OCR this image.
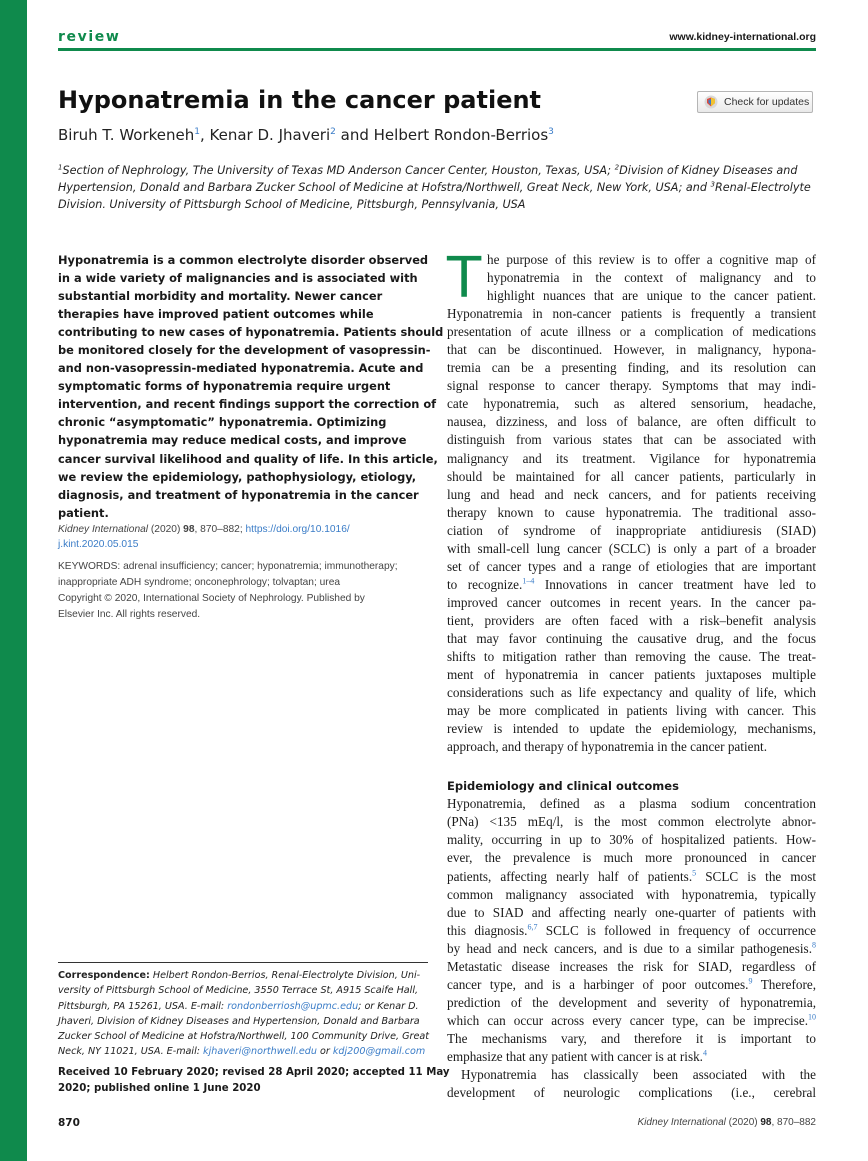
review	www.kidney-international.org
Hyponatremia in the cancer patient	Check for updates
Biruh T. Workeneh$^1$, Kenar D. Jhaveri$^2$ and Helbert Rondon-Berrios$^3$
$^1$Section of Nephrology, The University of Texas MD Anderson Cancer Center, Houston, Texas, USA; $^2$Division of Kidney Diseases and
Hypertension, Donald and Barbara Zucker School of Medicine at Hofstra/Northwell, Great Neck, New York, USA; and $^3$Renal-Electrolyte
Division. University of Pittsburgh School of Medicine, Pittsburgh, Pennsylvania, USA
Hyponatremia is a common electrolyte disorder observed
in a wide variety of malignancies and is associated with
substantial morbidity and mortality. Newer cancer
therapies have improved patient outcomes while
contributing to new cases of hyponatremia. Patients should
be monitored closely for the development of vasopressin-
and non-vasopressin-mediated hyponatremia. Acute and
symptomatic forms of hyponatremia require urgent
intervention, and recent findings support the correction of
chronic “asymptomatic” hyponatremia. Optimizing
hyponatremia may reduce medical costs, and improve
cancer survival likelihood and quality of life. In this article,
we review the epidemiology, pathophysiology, etiology,
diagnosis, and treatment of hyponatremia in the cancer
patient.
Kidney International (2020) 98, 870–882; https://doi.org/10.1016/
j.kint.2020.05.015
KEYWORDS: adrenal insufficiency; cancer; hyponatremia; immunotherapy;
inappropriate ADH syndrome; onconephrology; tolvaptan; urea
Copyright © 2020, International Society of Nephrology. Published by
Elsevier Inc. All rights reserved.
Correspondence: Helbert Rondon-Berrios, Renal-Electrolyte Division, Uni-
versity of Pittsburgh School of Medicine, 3550 Terrace St, A915 Scaife Hall,
Pittsburgh, PA 15261, USA. E-mail: rondonberriosh@upmc.edu; or Kenar D.
Jhaveri, Division of Kidney Diseases and Hypertension, Donald and Barbara
Zucker School of Medicine at Hofstra/Northwell, 100 Community Drive, Great
Neck, NY 11021, USA. E-mail: kjhaveri@northwell.edu or kdj200@gmail.com
Received 10 February 2020; revised 28 April 2020; accepted 11 May
2020; published online 1 June 2020
T he purpose of this review is to offer a cognitive map of
hyponatremia in the context of malignancy and to
highlight nuances that are unique to the cancer patient.
Hyponatremia in non-cancer patients is frequently a transient
presentation of acute illness or a complication of medications
that can be discontinued. However, in malignancy, hypona-
tremia can be a presenting finding, and its resolution can
signal response to cancer therapy. Symptoms that may indi-
cate hyponatremia, such as altered sensorium, headache,
nausea, dizziness, and loss of balance, are often difficult to
distinguish from various states that can be associated with
malignancy and its treatment. Vigilance for hyponatremia
should be maintained for all cancer patients, particularly in
lung and head and neck cancers, and for patients receiving
therapy known to cause hyponatremia. The traditional asso-
ciation of syndrome of inappropriate antidiuresis (SIAD)
with small-cell lung cancer (SCLC) is only a part of a broader
set of cancer types and a range of etiologies that are important
to recognize.$^{1-4}$ Innovations in cancer treatment have led to
improved cancer outcomes in recent years. In the cancer pa-
tient, providers are often faced with a risk–benefit analysis
that may favor continuing the causative drug, and the focus
shifts to mitigation rather than removing the cause. The treat-
ment of hyponatremia in cancer patients juxtaposes multiple
considerations such as life expectancy and quality of life, which
may be more complicated in patients living with cancer. This
review is intended to update the epidemiology, mechanisms,
approach, and therapy of hyponatremia in the cancer patient.
Epidemiology and clinical outcomes
Hyponatremia, defined as a plasma sodium concentration
(PNa) <135 mEq/l, is the most common electrolyte abnor-
mality, occurring in up to 30% of hospitalized patients. How-
ever, the prevalence is much more pronounced in cancer
patients, affecting nearly half of patients.$^5$ SCLC is the most
common malignancy associated with hyponatremia, typically
due to SIAD and affecting nearly one-quarter of patients with
this diagnosis.$^{6,7}$ SCLC is followed in frequency of occurrence
by head and neck cancers, and is due to a similar pathogenesis.$^8$
Metastatic disease increases the risk for SIAD, regardless of
cancer type, and is a harbinger of poor outcomes.$^9$ Therefore,
prediction of the development and severity of hyponatremia,
which can occur across every cancer type, can be imprecise.$^{10}$
The mechanisms vary, and therefore it is important to
emphasize that any patient with cancer is at risk.$^4$
Hyponatremia has classically been associated with the
development of neurologic complications (i.e., cerebral
870	Kidney International (2020) 98, 870–882
